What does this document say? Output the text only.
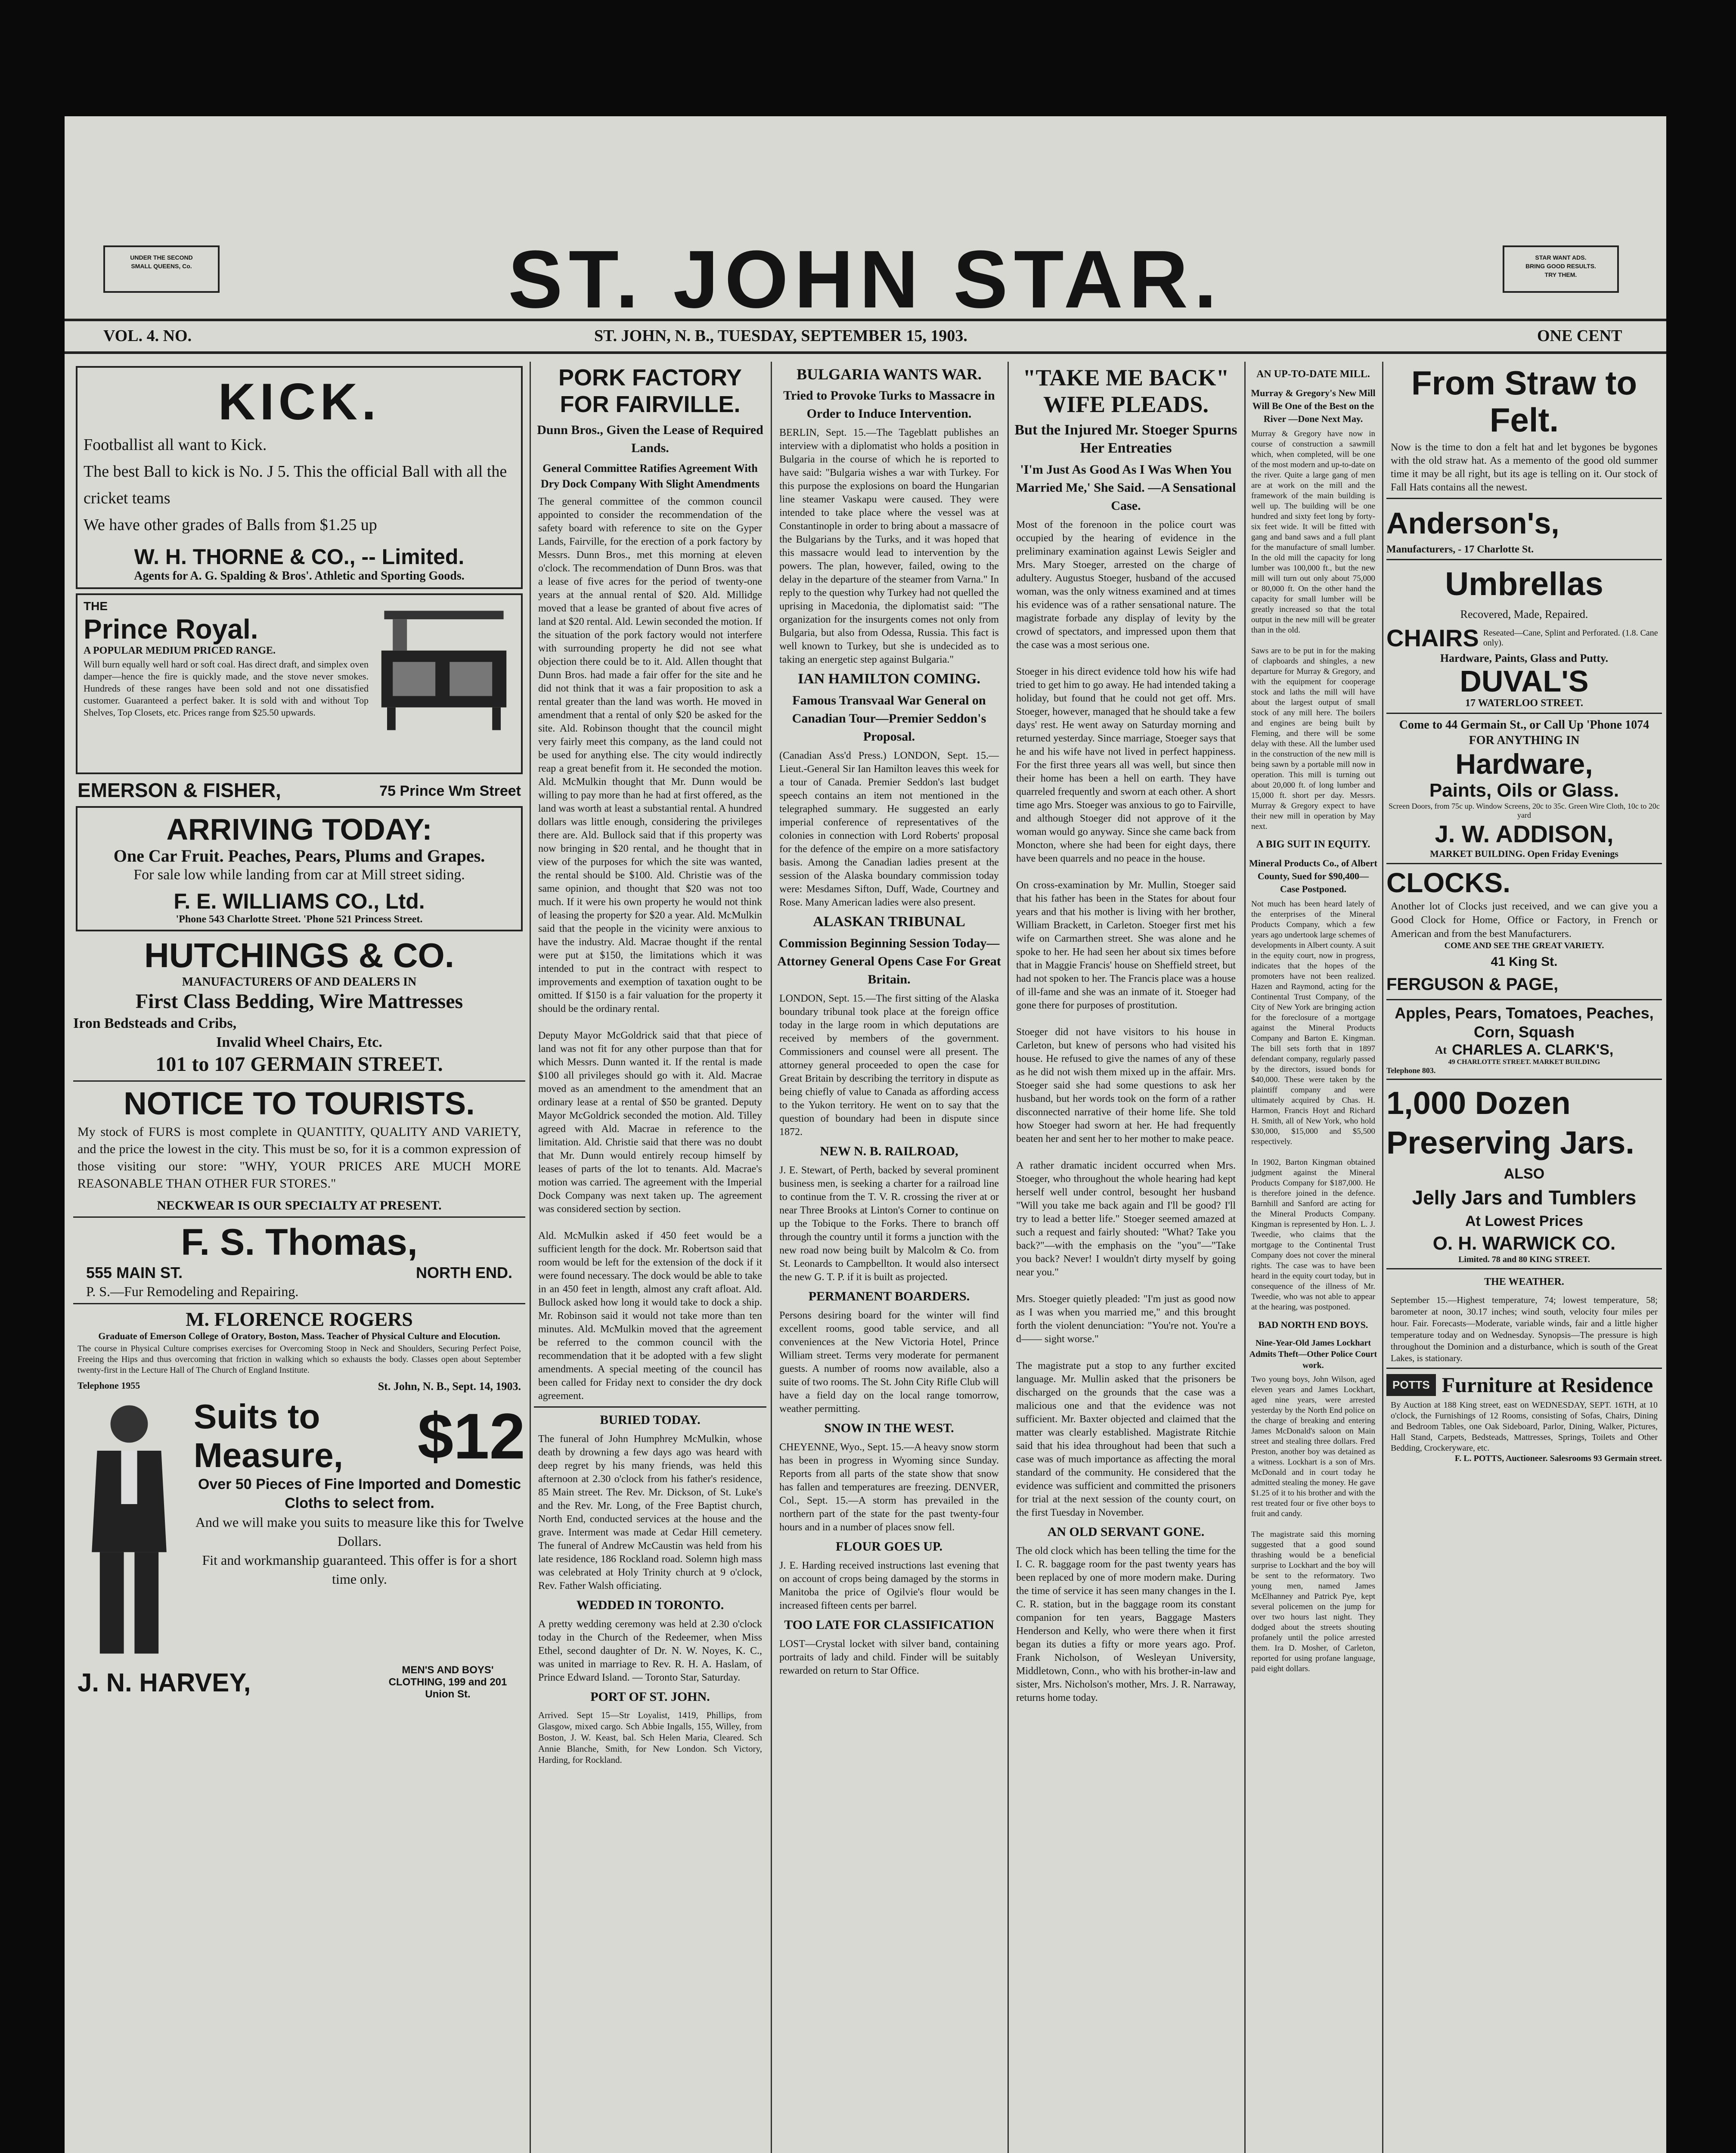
UNDER THE SECOND
SMALL QUEENS, Co.	ST. JOHN STAR.	STAR WANT ADS.
BRING GOOD RESULTS.
TRY THEM.
VOL. 4. NO.	ST. JOHN, N. B., TUESDAY, SEPTEMBER 15, 1903.	ONE CENT
KICK.
Footballist all want to Kick.
The best Ball to kick is No. J 5. This the official Ball with all the cricket teams
We have other grades of Balls from $1.25 up
W. H. THORNE & CO., -- Limited.
Agents for A. G. Spalding & Bros'. Athletic and Sporting Goods.
THE
Prince Royal.
A POPULAR MEDIUM PRICED RANGE.
Will burn equally well hard or soft coal. Has direct draft, and simplex oven damper—hence the fire is quickly made, and the stove never smokes. Hundreds of these ranges have been sold and not one dissatisfied customer. Guaranteed a perfect baker. It is sold with and without Top Shelves, Top Closets, etc. Prices range from $25.50 upwards.
EMERSON & FISHER,	75 Prince Wm Street
ARRIVING TODAY:
One Car Fruit. Peaches, Pears, Plums and Grapes.
For sale low while landing from car at Mill street siding.
F. E. WILLIAMS CO., Ltd.
'Phone 543 Charlotte Street. 'Phone 521 Princess Street.
HUTCHINGS & CO.
MANUFACTURERS OF AND DEALERS IN
First Class Bedding, Wire Mattresses
Iron Bedsteads and Cribs,
Invalid Wheel Chairs, Etc.
101 to 107 GERMAIN STREET.
NOTICE TO TOURISTS.
My stock of FURS is most complete in QUANTITY, QUALITY AND VARIETY, and the price the lowest in the city. This must be so, for it is a common expression of those visiting our store: "WHY, YOUR PRICES ARE MUCH MORE REASONABLE THAN OTHER FUR STORES."
NECKWEAR IS OUR SPECIALTY AT PRESENT.
F. S. Thomas,
555 MAIN ST.	NORTH END.
P. S.—Fur Remodeling and Repairing.
M. FLORENCE ROGERS
Graduate of Emerson College of Oratory, Boston, Mass. Teacher of Physical Culture and Elocution.
The course in Physical Culture comprises exercises for Overcoming Stoop in Neck and Shoulders, Securing Perfect Poise, Freeing the Hips and thus overcoming that friction in walking which so exhausts the body. Classes open about September twenty-first in the Lecture Hall of The Church of England Institute.
Telephone 1955	St. John, N. B., Sept. 14, 1903.
Suits to Measure,	$12
Over 50 Pieces of Fine Imported and Domestic Cloths to select from.
And we will make you suits to measure like this for Twelve Dollars.
Fit and workmanship guaranteed. This offer is for a short time only.
J. N. HARVEY,	MEN'S AND BOYS' CLOTHING, 199 and 201 Union St.
PORK FACTORY FOR FAIRVILLE.
Dunn Bros., Given the Lease of Required Lands.
General Committee Ratifies Agreement With Dry Dock Company With Slight Amendments
The general committee of the common council appointed to consider the recommendation of the safety board with reference to site on the Gyper Lands, Fairville, for the erection of a pork factory by Messrs. Dunn Bros., met this morning at eleven o'clock. The recommendation of Dunn Bros. was that a lease of five acres for the period of twenty-one years at the annual rental of $20. Ald. Millidge moved that a lease be granted of about five acres of land at $20 rental. Ald. Lewin seconded the motion. If the situation of the pork factory would not interfere with surrounding property he did not see what objection there could be to it. Ald. Allen thought that Dunn Bros. had made a fair offer for the site and he did not think that it was a fair proposition to ask a rental greater than the land was worth. He moved in amendment that a rental of only $20 be asked for the site. Ald. Robinson thought that the council might very fairly meet this company, as the land could not be used for anything else. The city would indirectly reap a great benefit from it. He seconded the motion. Ald. McMulkin thought that Mr. Dunn would be willing to pay more than he had at first offered, as the land was worth at least a substantial rental. A hundred dollars was little enough, considering the privileges there are. Ald. Bullock said that if this property was now bringing in $20 rental, and he thought that in view of the purposes for which the site was wanted, the rental should be $100. Ald. Christie was of the same opinion, and thought that $20 was not too much. If it were his own property he would not think of leasing the property for $20 a year. Ald. McMulkin said that the people in the vicinity were anxious to have the industry. Ald. Macrae thought if the rental were put at $150, the limitations which it was intended to put in the contract with respect to improvements and exemption of taxation ought to be omitted. If $150 is a fair valuation for the property it should be the ordinary rental.

Deputy Mayor McGoldrick said that that piece of land was not fit for any other purpose than that for which Messrs. Dunn wanted it. If the rental is made $100 all privileges should go with it. Ald. Macrae moved as an amendment to the amendment that an ordinary lease at a rental of $50 be granted. Deputy Mayor McGoldrick seconded the motion. Ald. Tilley agreed with Ald. Macrae in reference to the limitation. Ald. Christie said that there was no doubt that Mr. Dunn would entirely recoup himself by leases of parts of the lot to tenants. Ald. Macrae's motion was carried. The agreement with the Imperial Dock Company was next taken up. The agreement was considered section by section.

Ald. McMulkin asked if 450 feet would be a sufficient length for the dock. Mr. Robertson said that room would be left for the extension of the dock if it were found necessary. The dock would be able to take in an 450 feet in length, almost any craft afloat. Ald. Bullock asked how long it would take to dock a ship. Mr. Robinson said it would not take more than ten minutes. Ald. McMulkin moved that the agreement be referred to the common council with the recommendation that it be adopted with a few slight amendments. A special meeting of the council has been called for Friday next to consider the dry dock agreement.
BURIED TODAY.
The funeral of John Humphrey McMulkin, whose death by drowning a few days ago was heard with deep regret by his many friends, was held this afternoon at 2.30 o'clock from his father's residence, 85 Main street. The Rev. Mr. Dickson, of St. Luke's and the Rev. Mr. Long, of the Free Baptist church, North End, conducted services at the house and the grave. Interment was made at Cedar Hill cemetery. The funeral of Andrew McCaustin was held from his late residence, 186 Rockland road. Solemn high mass was celebrated at Holy Trinity church at 9 o'clock, Rev. Father Walsh officiating.
WEDDED IN TORONTO.
A pretty wedding ceremony was held at 2.30 o'clock today in the Church of the Redeemer, when Miss Ethel, second daughter of Dr. N. W. Noyes, K. C., was united in marriage to Rev. R. H. A. Haslam, of Prince Edward Island. — Toronto Star, Saturday.
PORT OF ST. JOHN.
Arrived. Sept 15—Str Loyalist, 1419, Phillips, from Glasgow, mixed cargo. Sch Abbie Ingalls, 155, Willey, from Boston, J. W. Keast, bal. Sch Helen Maria, Cleared. Sch Annie Blanche, Smith, for New London. Sch Victory, Harding, for Rockland.
BULGARIA WANTS WAR.
Tried to Provoke Turks to Massacre in Order to Induce Intervention.
BERLIN, Sept. 15.—The Tageblatt publishes an interview with a diplomatist who holds a position in Bulgaria in the course of which he is reported to have said: "Bulgaria wishes a war with Turkey. For this purpose the explosions on board the Hungarian line steamer Vaskapu were caused. They were intended to take place where the vessel was at Constantinople in order to bring about a massacre of the Bulgarians by the Turks, and it was hoped that this massacre would lead to intervention by the powers. The plan, however, failed, owing to the delay in the departure of the steamer from Varna." In reply to the question why Turkey had not quelled the uprising in Macedonia, the diplomatist said: "The organization for the insurgents comes not only from Bulgaria, but also from Odessa, Russia. This fact is well known to Turkey, but she is undecided as to taking an energetic step against Bulgaria."
IAN HAMILTON COMING.
Famous Transvaal War General on Canadian Tour—Premier Seddon's Proposal.
(Canadian Ass'd Press.) LONDON, Sept. 15.—Lieut.-General Sir Ian Hamilton leaves this week for a tour of Canada. Premier Seddon's last budget speech contains an item not mentioned in the telegraphed summary. He suggested an early imperial conference of representatives of the colonies in connection with Lord Roberts' proposal for the defence of the empire on a more satisfactory basis. Among the Canadian ladies present at the session of the Alaska boundary commission today were: Mesdames Sifton, Duff, Wade, Courtney and Rose. Many American ladies were also present.
ALASKAN TRIBUNAL
Commission Beginning Session Today—Attorney General Opens Case For Great Britain.
LONDON, Sept. 15.—The first sitting of the Alaska boundary tribunal took place at the foreign office today in the large room in which deputations are received by members of the government. Commissioners and counsel were all present. The attorney general proceeded to open the case for Great Britain by describing the territory in dispute as being chiefly of value to Canada as affording access to the Yukon territory. He went on to say that the question of boundary had been in dispute since 1872.
NEW N. B. RAILROAD,
J. E. Stewart, of Perth, backed by several prominent business men, is seeking a charter for a railroad line to continue from the T. V. R. crossing the river at or near Three Brooks at Linton's Corner to continue on up the Tobique to the Forks. There to branch off through the country until it forms a junction with the new road now being built by Malcolm & Co. from St. Leonards to Campbellton. It would also intersect the new G. T. P. if it is built as projected.
PERMANENT BOARDERS.
Persons desiring board for the winter will find excellent rooms, good table service, and all conveniences at the New Victoria Hotel, Prince William street. Terms very moderate for permanent guests. A number of rooms now available, also a suite of two rooms. The St. John City Rifle Club will have a field day on the local range tomorrow, weather permitting.
SNOW IN THE WEST.
CHEYENNE, Wyo., Sept. 15.—A heavy snow storm has been in progress in Wyoming since Sunday. Reports from all parts of the state show that snow has fallen and temperatures are freezing. DENVER, Col., Sept. 15.—A storm has prevailed in the northern part of the state for the past twenty-four hours and in a number of places snow fell.
FLOUR GOES UP.
J. E. Harding received instructions last evening that on account of crops being damaged by the storms in Manitoba the price of Ogilvie's flour would be increased fifteen cents per barrel.
TOO LATE FOR CLASSIFICATION
LOST—Crystal locket with silver band, containing portraits of lady and child. Finder will be suitably rewarded on return to Star Office.
"TAKE ME BACK" WIFE PLEADS.
But the Injured Mr. Stoeger Spurns Her Entreaties
'I'm Just As Good As I Was When You Married Me,' She Said. —A Sensational Case.
Most of the forenoon in the police court was occupied by the hearing of evidence in the preliminary examination against Lewis Seigler and Mrs. Mary Stoeger, arrested on the charge of adultery. Augustus Stoeger, husband of the accused woman, was the only witness examined and at times his evidence was of a rather sensational nature. The magistrate forbade any display of levity by the crowd of spectators, and impressed upon them that the case was a most serious one.

Stoeger in his direct evidence told how his wife had tried to get him to go away. He had intended taking a holiday, but found that he could not get off. Mrs. Stoeger, however, managed that he should take a few days' rest. He went away on Saturday morning and returned yesterday. Since marriage, Stoeger says that he and his wife have not lived in perfect happiness. For the first three years all was well, but since then their home has been a hell on earth. They have quarreled frequently and sworn at each other. A short time ago Mrs. Stoeger was anxious to go to Fairville, and although Stoeger did not approve of it the woman would go anyway. Since she came back from Moncton, where she had been for eight days, there have been quarrels and no peace in the house.

On cross-examination by Mr. Mullin, Stoeger said that his father has been in the States for about four years and that his mother is living with her brother, William Brackett, in Carleton. Stoeger first met his wife on Carmarthen street. She was alone and he spoke to her. He had seen her about six times before that in Maggie Francis' house on Sheffield street, but had not spoken to her. The Francis place was a house of ill-fame and she was an inmate of it. Stoeger had gone there for purposes of prostitution.

Stoeger did not have visitors to his house in Carleton, but knew of persons who had visited his house. He refused to give the names of any of these as he did not wish them mixed up in the affair. Mrs. Stoeger said she had some questions to ask her husband, but her words took on the form of a rather disconnected narrative of their home life. She told how Stoeger had sworn at her. He had frequently beaten her and sent her to her mother to make peace.

A rather dramatic incident occurred when Mrs. Stoeger, who throughout the whole hearing had kept herself well under control, besought her husband "Will you take me back again and I'll be good? I'll try to lead a better life." Stoeger seemed amazed at such a request and fairly shouted: "What? Take you back?"—with the emphasis on the "you"—"Take you back? Never! I wouldn't dirty myself by going near you."

Mrs. Stoeger quietly pleaded: "I'm just as good now as I was when you married me," and this brought forth the violent denunciation: "You're not. You're a d—— sight worse."

The magistrate put a stop to any further excited language. Mr. Mullin asked that the prisoners be discharged on the grounds that the case was a malicious one and that the evidence was not sufficient. Mr. Baxter objected and claimed that the matter was clearly established. Magistrate Ritchie said that his idea throughout had been that such a case was of much importance as affecting the moral standard of the community. He considered that the evidence was sufficient and committed the prisoners for trial at the next session of the county court, on the first Tuesday in November.
AN OLD SERVANT GONE.
The old clock which has been telling the time for the I. C. R. baggage room for the past twenty years has been replaced by one of more modern make. During the time of service it has seen many changes in the I. C. R. station, but in the baggage room its constant companion for ten years, Baggage Masters Henderson and Kelly, who were there when it first began its duties a fifty or more years ago. Prof. Frank Nicholson, of Wesleyan University, Middletown, Conn., who with his brother-in-law and sister, Mrs. Nicholson's mother, Mrs. J. R. Narraway, returns home today.
From Straw to Felt.
Now is the time to don a felt hat and let bygones be bygones with the old straw hat. As a memento of the good old summer time it may be all right, but its age is telling on it. Our stock of Fall Hats contains all the newest.
Anderson's,
Manufacturers, - 17 Charlotte St.
Umbrellas
Recovered, Made, Repaired.
CHAIRS Reseated—Cane, Splint and Perforated. (1.8. Cane only).
Hardware, Paints, Glass and Putty.
DUVAL'S
17 WATERLOO STREET.
Come to 44 Germain St., or Call Up 'Phone 1074 FOR ANYTHING IN
Hardware,
Paints, Oils or Glass.
Screen Doors, from 75c up. Window Screens, 20c to 35c. Green Wire Cloth, 10c to 20c yard
J. W. ADDISON,
MARKET BUILDING. Open Friday Evenings
CLOCKS.
Another lot of Clocks just received, and we can give you a Good Clock for Home, Office or Factory, in French or American and from the best Manufacturers.
COME AND SEE THE GREAT VARIETY.
41 King St.
FERGUSON & PAGE,
Apples, Pears, Tomatoes, Peaches, Corn, Squash
At CHARLES A. CLARK'S,
49 CHARLOTTE STREET. MARKET BUILDING
Telephone 803.
1,000 Dozen Preserving Jars.
ALSO
Jelly Jars and Tumblers
At Lowest Prices
O. H. WARWICK CO.
Limited. 78 and 80 KING STREET.
THE WEATHER.
September 15.—Highest temperature, 74; lowest temperature, 58; barometer at noon, 30.17 inches; wind south, velocity four miles per hour. Fair. Forecasts—Moderate, variable winds, fair and a little higher temperature today and on Wednesday. Synopsis—The pressure is high throughout the Dominion and a disturbance, which is south of the Great Lakes, is stationary.
POTTS Furniture at Residence
By Auction at 188 King street, east on WEDNESDAY, SEPT. 16TH, at 10 o'clock, the Furnishings of 12 Rooms, consisting of Sofas, Chairs, Dining and Bedroom Tables, one Oak Sideboard, Parlor, Dining, Walker, Pictures, Hall Stand, Carpets, Bedsteads, Mattresses, Springs, Toilets and Other Bedding, Crockeryware, etc.
F. L. POTTS, Auctioneer. Salesrooms 93 Germain street.
AN UP-TO-DATE MILL.
Murray & Gregory's New Mill Will Be One of the Best on the River —Done Next May.
Murray & Gregory have now in course of construction a sawmill which, when completed, will be one of the most modern and up-to-date on the river. Quite a large gang of men are at work on the mill and the framework of the main building is well up. The building will be one hundred and sixty feet long by forty-six feet wide. It will be fitted with gang and band saws and a full plant for the manufacture of small lumber. In the old mill the capacity for long lumber was 100,000 ft., but the new mill will turn out only about 75,000 or 80,000 ft. On the other hand the capacity for small lumber will be greatly increased so that the total output in the new mill will be greater than in the old.

Saws are to be put in for the making of clapboards and shingles, a new departure for Murray & Gregory, and with the equipment for cooperage stock and laths the mill will have about the largest output of small stock of any mill here. The boilers and engines are being built by Fleming, and there will be some delay with these. All the lumber used in the construction of the new mill is being sawn by a portable mill now in operation. This mill is turning out about 20,000 ft. of long lumber and 15,000 ft. short per day. Messrs. Murray & Gregory expect to have their new mill in operation by May next.
A BIG SUIT IN EQUITY.
Mineral Products Co., of Albert County, Sued for $90,400— Case Postponed.
Not much has been heard lately of the enterprises of the Mineral Products Company, which a few years ago undertook large schemes of developments in Albert county. A suit in the equity court, now in progress, indicates that the hopes of the promoters have not been realized. Hazen and Raymond, acting for the Continental Trust Company, of the City of New York are bringing action for the foreclosure of a mortgage against the Mineral Products Company and Barton E. Kingman. The bill sets forth that in 1897 defendant company, regularly passed by the directors, issued bonds for $40,000. These were taken by the plaintiff company and were ultimately acquired by Chas. H. Harmon, Francis Hoyt and Richard H. Smith, all of New York, who hold $30,000, $15,000 and $5,500 respectively.

In 1902, Barton Kingman obtained judgment against the Mineral Products Company for $187,000. He is therefore joined in the defence. Barnhill and Sanford are acting for the Mineral Products Company. Kingman is represented by Hon. L. J. Tweedie, who claims that the mortgage to the Continental Trust Company does not cover the mineral rights. The case was to have been heard in the equity court today, but in consequence of the illness of Mr. Tweedie, who was not able to appear at the hearing, was postponed.
BAD NORTH END BOYS.
Nine-Year-Old James Lockhart Admits Theft—Other Police Court work.
Two young boys, John Wilson, aged eleven years and James Lockhart, aged nine years, were arrested yesterday by the North End police on the charge of breaking and entering James McDonald's saloon on Main street and stealing three dollars. Fred Preston, another boy was detained as a witness. Lockhart is a son of Mrs. McDonald and in court today he admitted stealing the money. He gave $1.25 of it to his brother and with the rest treated four or five other boys to fruit and candy.

The magistrate said this morning suggested that a good sound thrashing would be a beneficial surprise to Lockhart and the boy will be sent to the reformatory. Two young men, named James McElhanney and Patrick Pye, kept several policemen on the jump for over two hours last night. They dodged about the streets shouting profanely until the police arrested them. Ira D. Mosher, of Carleton, reported for using profane language, paid eight dollars.
